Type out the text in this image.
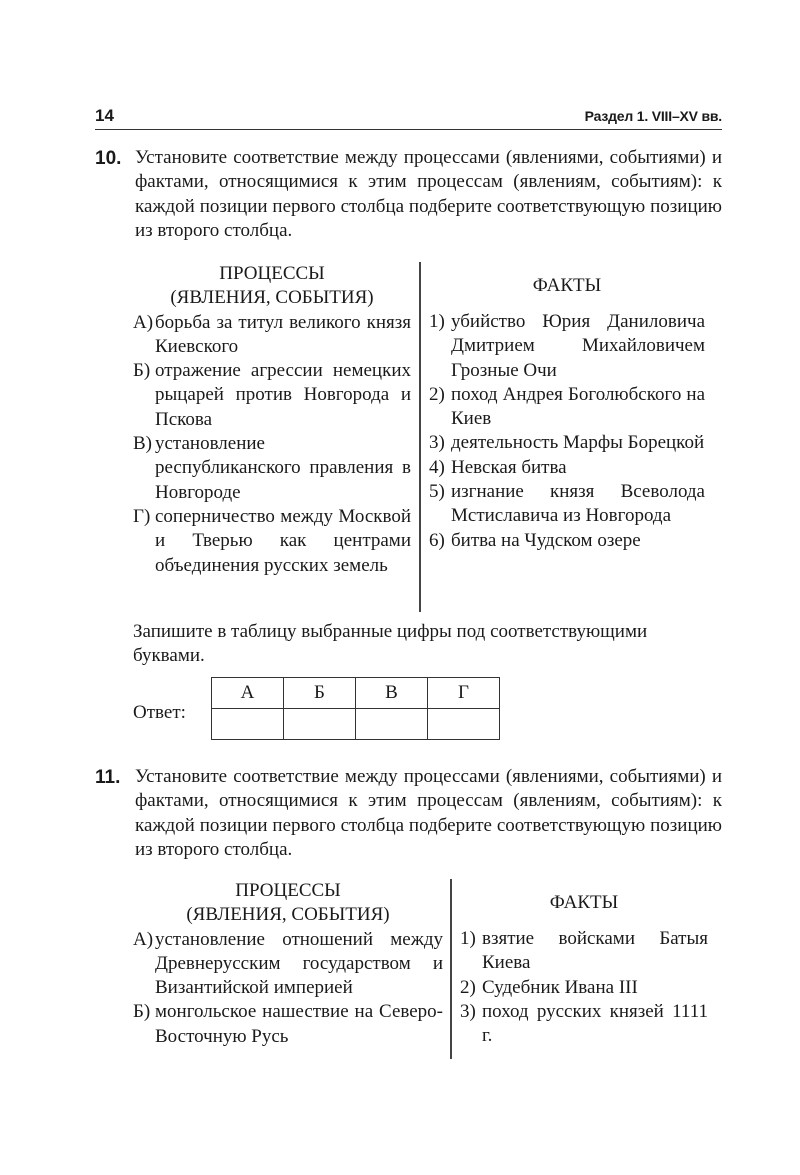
14	Раздел 1. VIII–XV вв.
10. Установите соответствие между процессами (явлениями, событиями) и фактами, относящимися к этим процессам (явлениям, событиям): к каждой позиции первого столбца подберите соответствующую позицию из второго столбца.
ПРОЦЕССЫ
(ЯВЛЕНИЯ, СОБЫТИЯ)
А) борьба за титул великого князя Киевского
Б) отражение агрессии немецких рыцарей против Новгорода и Пскова
В) установление республиканского правления в Новгороде
Г) соперничество между Москвой и Тверью как центрами объединения русских земель
ФАКТЫ
1) убийство Юрия Даниловича Дмитрием Михайловичем Грозные Очи
2) поход Андрея Боголюбского на Киев
3) деятельность Марфы Борецкой
4) Невская битва
5) изгнание князя Всеволода Мстиславича из Новгорода
6) битва на Чудском озере
Запишите в таблицу выбранные цифры под соответствующими буквами.
Ответ:
А	Б	В	Г

11. Установите соответствие между процессами (явлениями, событиями) и фактами, относящимися к этим процессам (явлениям, событиям): к каждой позиции первого столбца подберите соответствующую позицию из второго столбца.
ПРОЦЕССЫ
(ЯВЛЕНИЯ, СОБЫТИЯ)
А) установление отношений между Древнерусским государством и Византийской империей
Б) монгольское нашествие на Северо-Восточную Русь
ФАКТЫ
1) взятие войсками Батыя Киева
2) Судебник Ивана III
3) поход русских князей 1111 г.
